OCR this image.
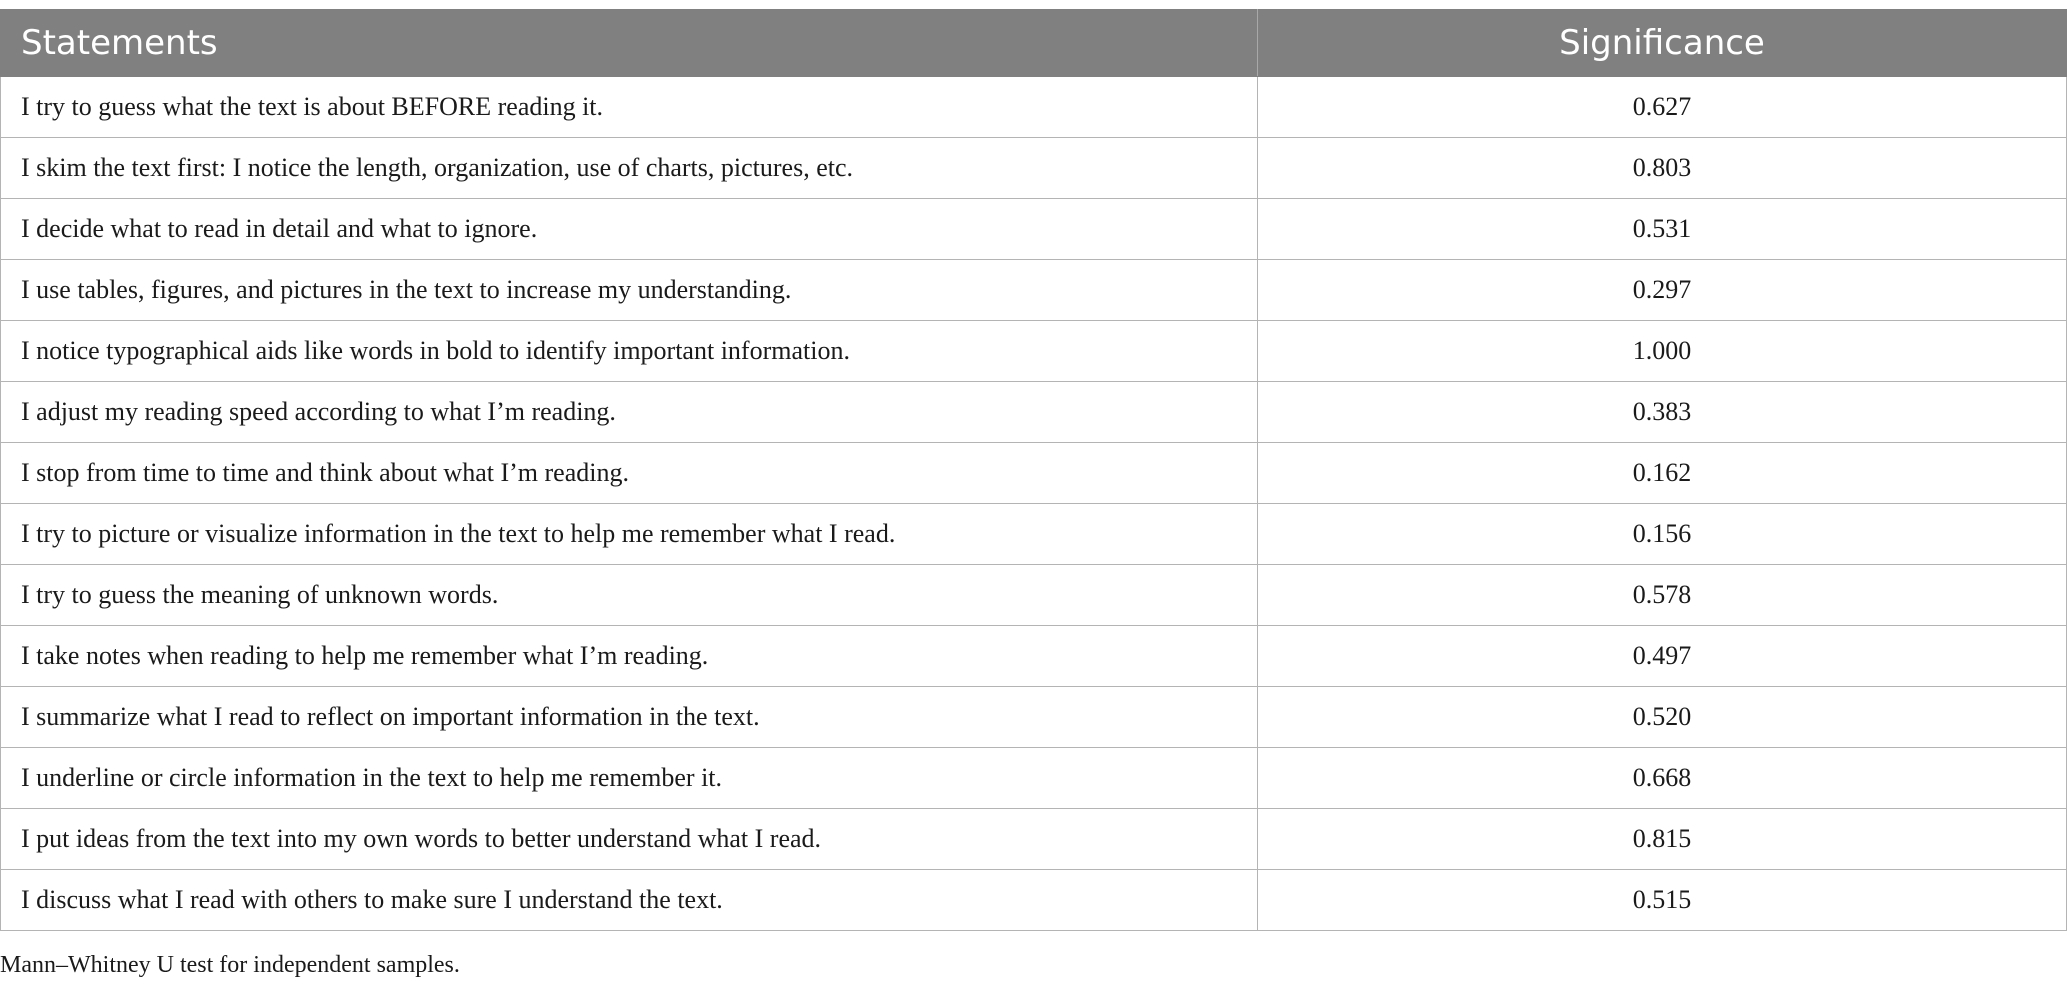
Statements	Significance
I try to guess what the text is about BEFORE reading it.	0.627
I skim the text first: I notice the length, organization, use of charts, pictures, etc.	0.803
I decide what to read in detail and what to ignore.	0.531
I use tables, figures, and pictures in the text to increase my understanding.	0.297
I notice typographical aids like words in bold to identify important information.	1.000
I adjust my reading speed according to what I’m reading.	0.383
I stop from time to time and think about what I’m reading.	0.162
I try to picture or visualize information in the text to help me remember what I read.	0.156
I try to guess the meaning of unknown words.	0.578
I take notes when reading to help me remember what I’m reading.	0.497
I summarize what I read to reflect on important information in the text.	0.520
I underline or circle information in the text to help me remember it.	0.668
I put ideas from the text into my own words to better understand what I read.	0.815
I discuss what I read with others to make sure I understand the text.	0.515
Mann–Whitney U test for independent samples.
